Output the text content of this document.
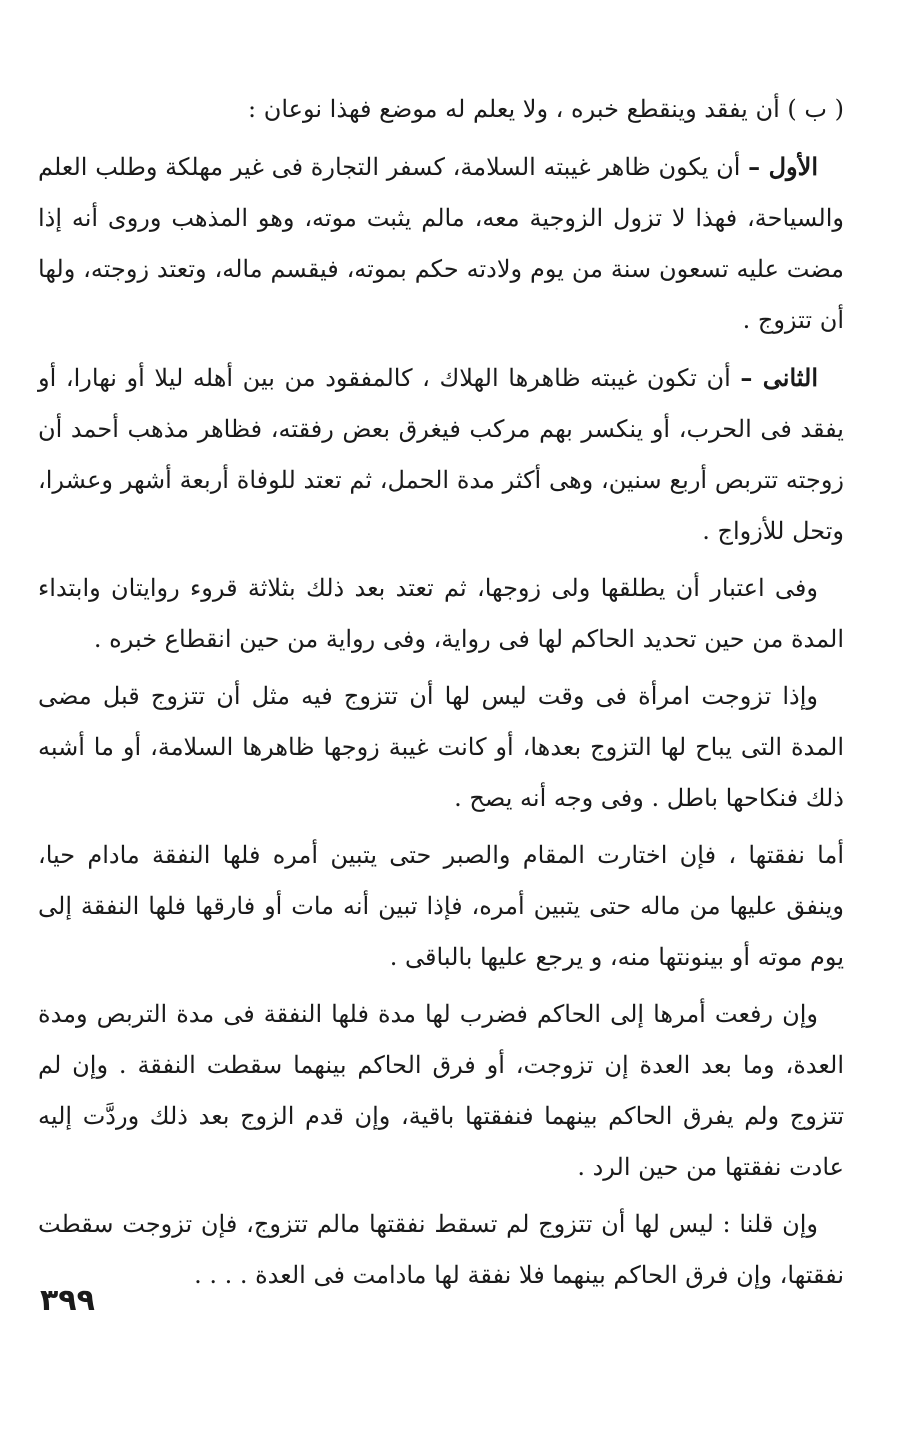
( ب ) أن يفقد وينقطع خبره ، ولا يعلم له موضع فهذا نوعان :

الأول – أن يكون ظاهر غيبته السلامة، كسفر التجارة فى غير مهلكة وطلب العلم والسياحة، فهذا لا تزول الزوجية معه، مالم يثبت موته، وهو المذهب وروى أنه إذا مضت عليه تسعون سنة من يوم ولادته حكم بموته، فيقسم ماله، وتعتد زوجته، ولها أن تتزوج .

الثانى – أن تكون غيبته ظاهرها الهلاك ، كالمفقود من بين أهله ليلا أو نهارا، أو يفقد فى الحرب، أو ينكسر بهم مركب فيغرق بعض رفقته، فظاهر مذهب أحمد أن زوجته تتربص أربع سنين، وهى أكثر مدة الحمل، ثم تعتد للوفاة أربعة أشهر وعشرا، وتحل للأزواج .

وفى اعتبار أن يطلقها ولى زوجها، ثم تعتد بعد ذلك بثلاثة قروء روايتان وابتداء المدة من حين تحديد الحاكم لها فى رواية، وفى رواية من حين انقطاع خبره .

وإذا تزوجت امرأة فى وقت ليس لها أن تتزوج فيه مثل أن تتزوج قبل مضى المدة التى يباح لها التزوج بعدها، أو كانت غيبة زوجها ظاهرها السلامة، أو ما أشبه ذلك فنكاحها باطل . وفى وجه أنه يصح .

أما نفقتها ، فإن اختارت المقام والصبر حتى يتبين أمره فلها النفقة مادام حيا، وينفق عليها من ماله حتى يتبين أمره، فإذا تبين أنه مات أو فارقها فلها النفقة إلى يوم موته أو بينونتها منه، و يرجع عليها بالباقى .

وإن رفعت أمرها إلى الحاكم فضرب لها مدة فلها النفقة فى مدة التربص ومدة العدة، وما بعد العدة إن تزوجت، أو فرق الحاكم بينهما سقطت النفقة . وإن لم تتزوج ولم يفرق الحاكم بينهما فنفقتها باقية، وإن قدم الزوج بعد ذلك وردَّت إليه عادت نفقتها من حين الرد .

وإن قلنا : ليس لها أن تتزوج لم تسقط نفقتها مالم تتزوج، فإن تزوجت سقطت نفقتها، وإن فرق الحاكم بينهما فلا نفقة لها مادامت فى العدة . . . .

٣٩٩
